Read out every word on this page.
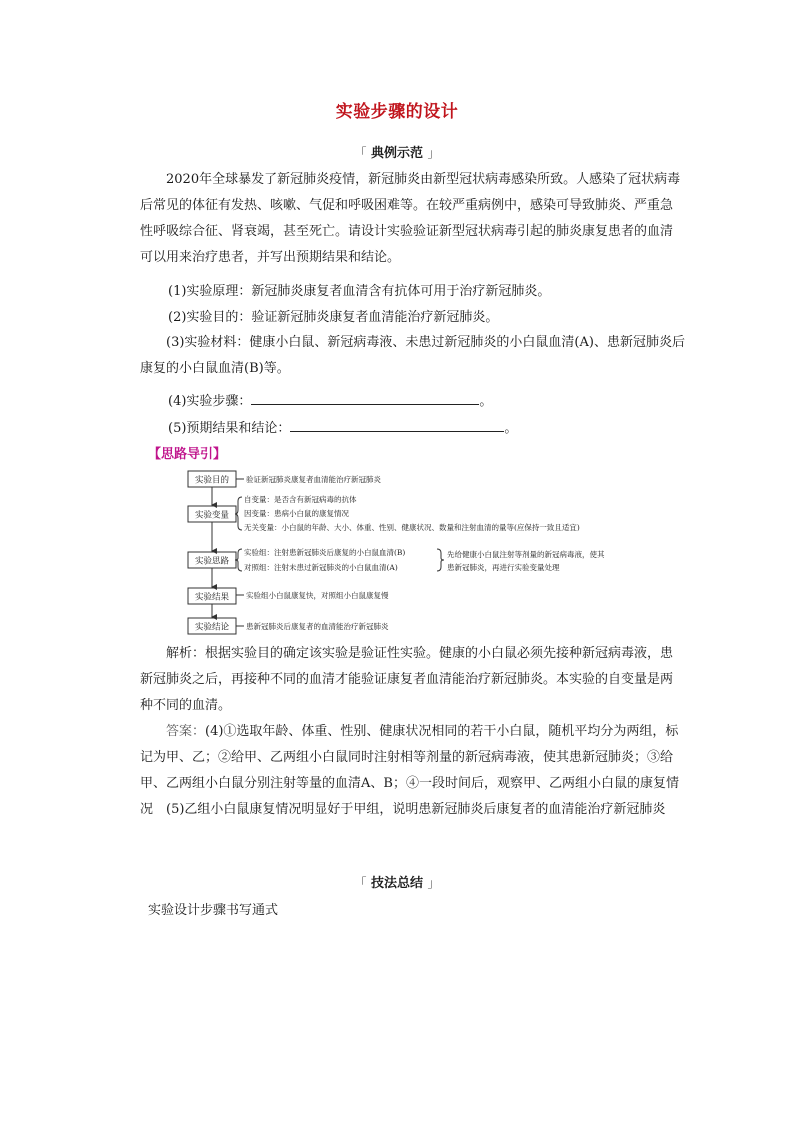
实验步骤的设计
「 典例示范 」

2020年全球暴发了新冠肺炎疫情，新冠肺炎由新型冠状病毒感染所致。人感染了冠状病毒后常见的体征有发热、咳嗽、气促和呼吸困难等。在较严重病例中，感染可导致肺炎、严重急性呼吸综合征、肾衰竭，甚至死亡。请设计实验验证新型冠状病毒引起的肺炎康复患者的血清可以用来治疗患者，并写出预期结果和结论。

(1)实验原理：新冠肺炎康复者血清含有抗体可用于治疗新冠肺炎。
(2)实验目的：验证新冠肺炎康复者血清能治疗新冠肺炎。

(3)实验材料：健康小白鼠、新冠病毒液、未患过新冠肺炎的小白鼠血清(A)、患新冠肺炎后康复的小白鼠血清(B)等。

(4)实验步骤：	。
(5)预期结果和结论：	。
【思路导引】
实验目的
实验变量
实验思路
实验结果
实验结论
验证新冠肺炎康复者血清能治疗新冠肺炎
自变量：是否含有新冠病毒的抗体
因变量：患病小白鼠的康复情况
无关变量：小白鼠的年龄、大小、体重、性别、健康状况、数量和注射血清的量等(应保持一致且适宜)
实验组：注射患新冠肺炎后康复的小白鼠血清(B)
对照组：注射未患过新冠肺炎的小白鼠血清(A)
先给健康小白鼠注射等剂量的新冠病毒液，使其
患新冠肺炎，再进行实验变量处理
实验组小白鼠康复快，对照组小白鼠康复慢
患新冠肺炎后康复者的血清能治疗新冠肺炎

解析：根据实验目的确定该实验是验证性实验。健康的小白鼠必须先接种新冠病毒液，患新冠肺炎之后，再接种不同的血清才能验证康复者血清能治疗新冠肺炎。本实验的自变量是两种不同的血清。

答案：(4)①选取年龄、体重、性别、健康状况相同的若干小白鼠，随机平均分为两组，标记为甲、乙；②给甲、乙两组小白鼠同时注射相等剂量的新冠病毒液，使其患新冠肺炎；③给甲、乙两组小白鼠分别注射等量的血清A、B；④一段时间后，观察甲、乙两组小白鼠的康复情况　(5)乙组小白鼠康复情况明显好于甲组，说明患新冠肺炎后康复者的血清能治疗新冠肺炎

「 技法总结 」
实验设计步骤书写通式
